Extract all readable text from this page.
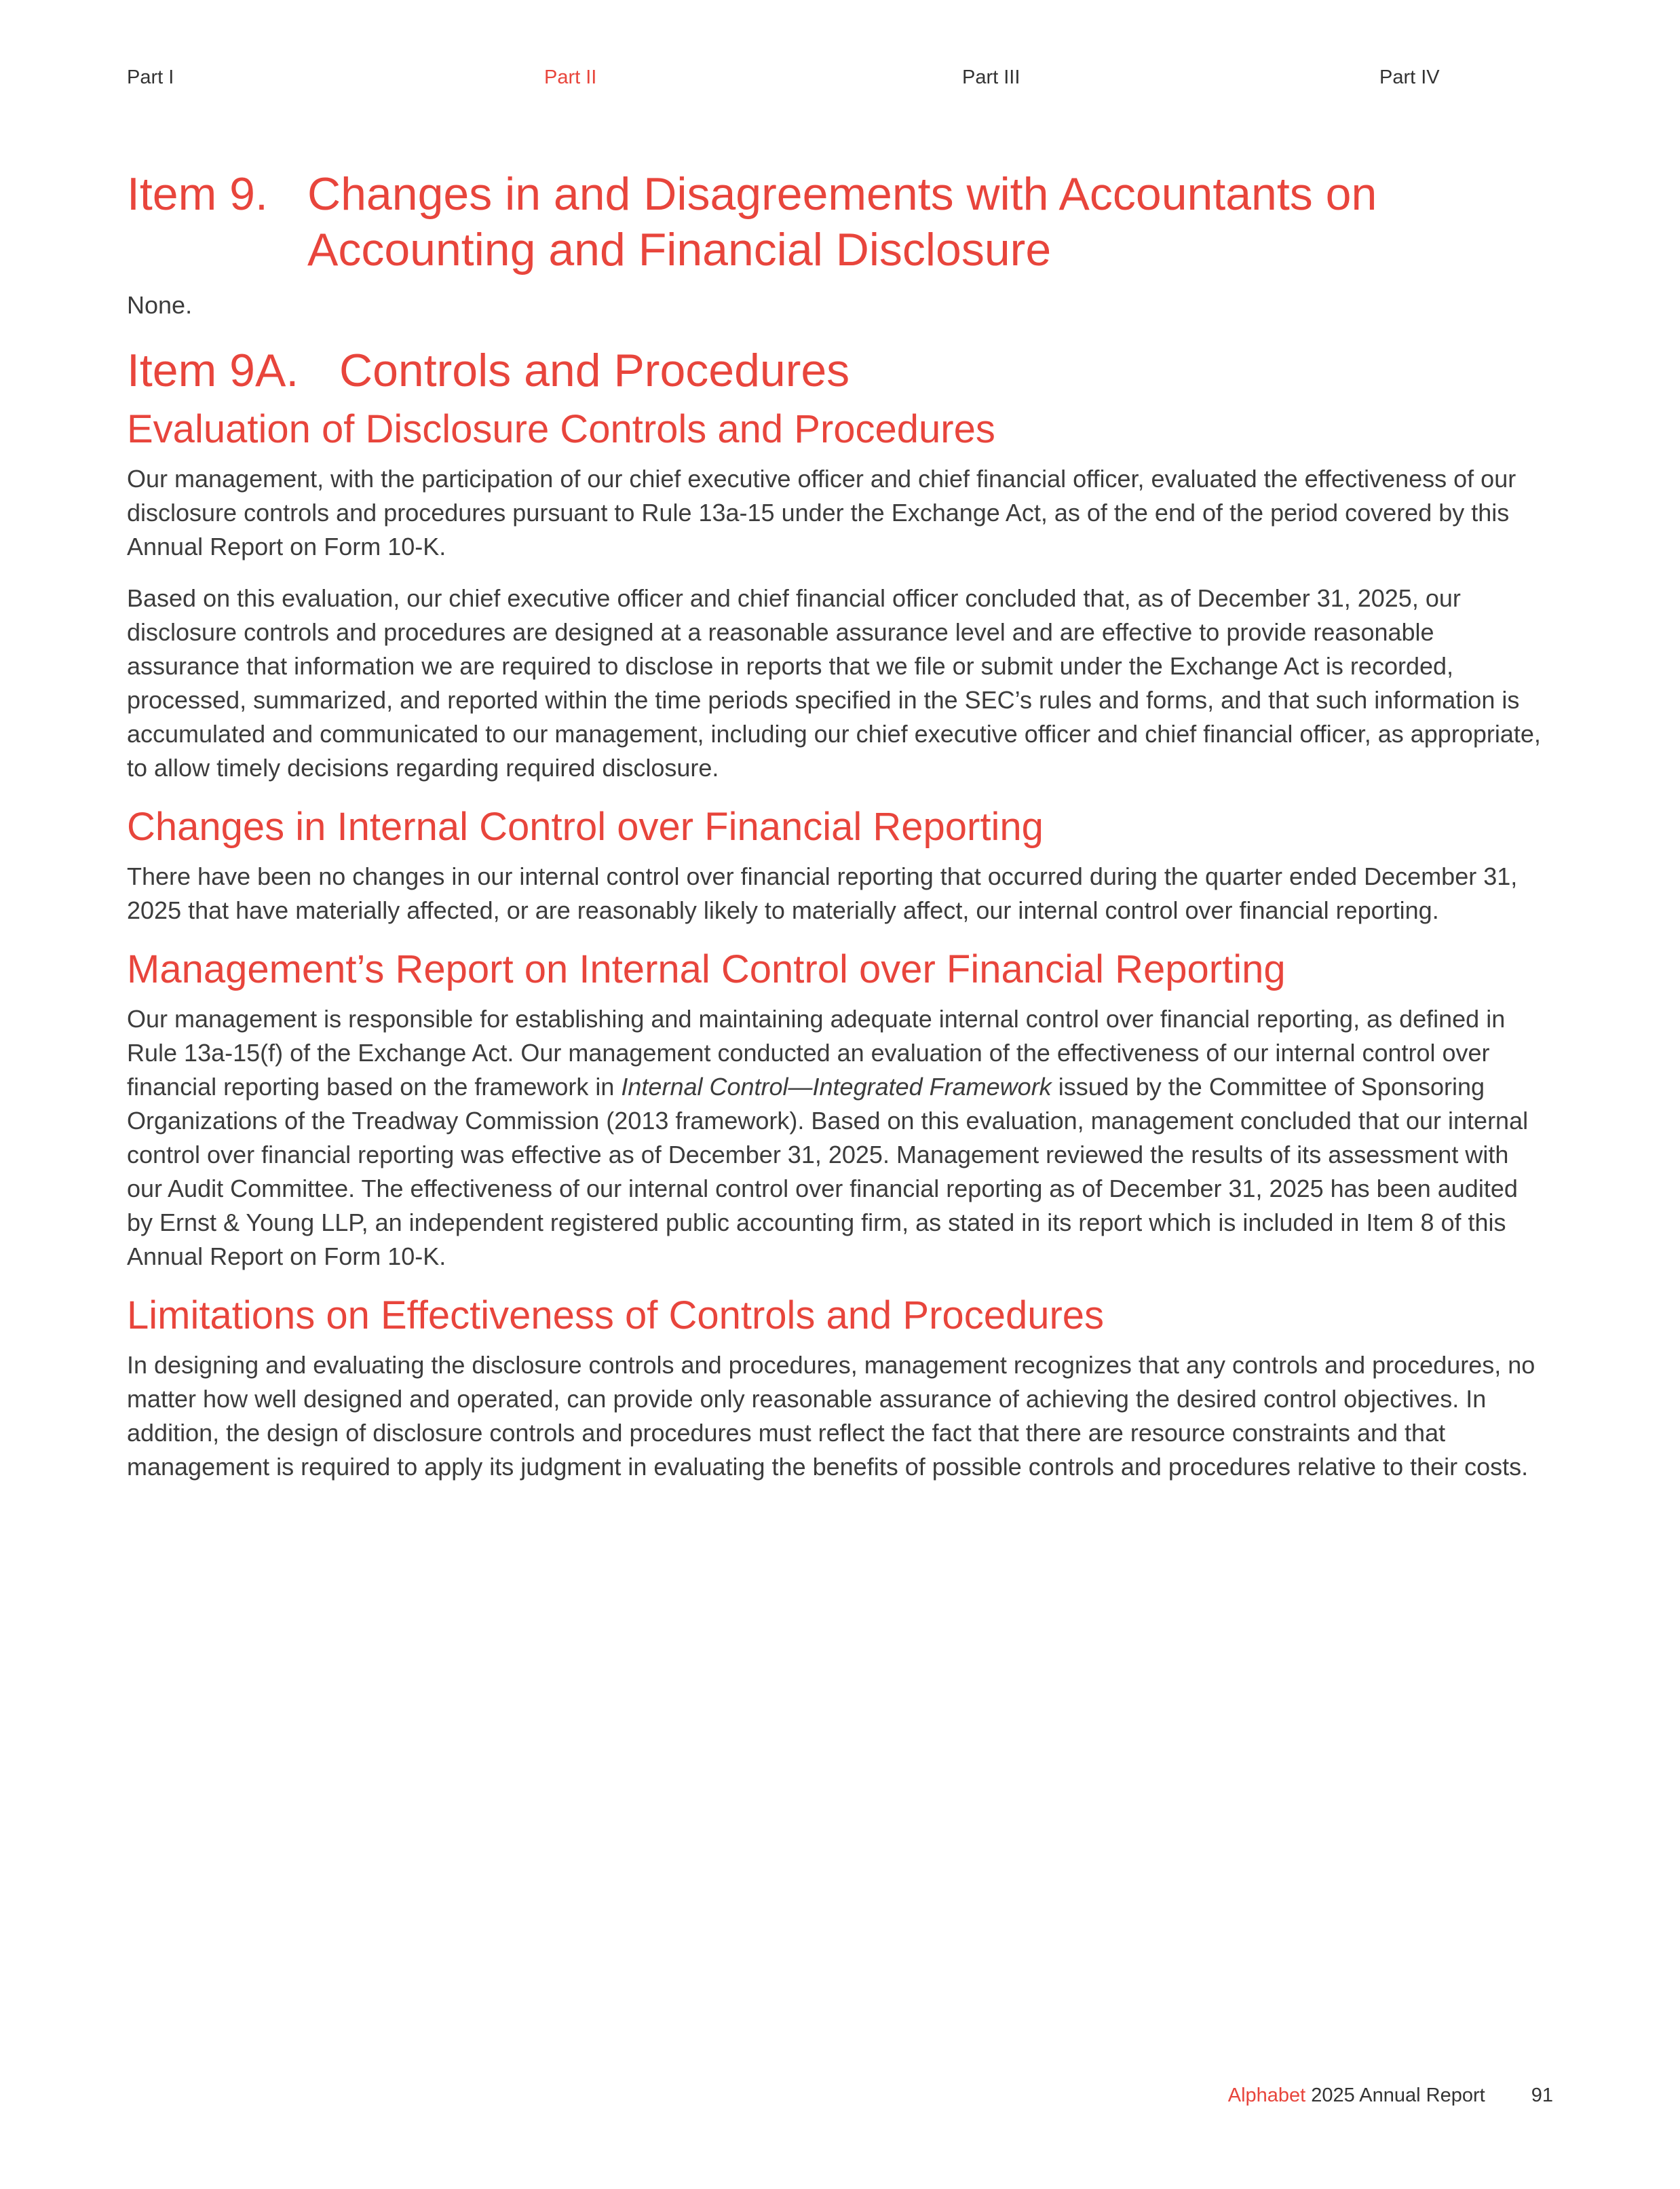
Part I	Part II	Part III	Part IV
Item 9. Changes in and Disagreements with Accountants on Accounting and Financial Disclosure

None.

Item 9A. Controls and Procedures
Evaluation of Disclosure Controls and Procedures

Our management, with the participation of our chief executive officer and chief financial officer, evaluated the effectiveness of our disclosure controls and procedures pursuant to Rule 13a-15 under the Exchange Act, as of the end of the period covered by this Annual Report on Form 10-K.

Based on this evaluation, our chief executive officer and chief financial officer concluded that, as of December 31, 2025, our disclosure controls and procedures are designed at a reasonable assurance level and are effective to provide reasonable assurance that information we are required to disclose in reports that we file or submit under the Exchange Act is recorded, processed, summarized, and reported within the time periods specified in the SEC’s rules and forms, and that such information is accumulated and communicated to our management, including our chief executive officer and chief financial officer, as appropriate, to allow timely decisions regarding required disclosure.

Changes in Internal Control over Financial Reporting

There have been no changes in our internal control over financial reporting that occurred during the quarter ended December 31, 2025 that have materially affected, or are reasonably likely to materially affect, our internal control over financial reporting.

Management’s Report on Internal Control over Financial Reporting

Our management is responsible for establishing and maintaining adequate internal control over financial reporting, as defined in Rule 13a-15(f) of the Exchange Act. Our management conducted an evaluation of the effectiveness of our internal control over financial reporting based on the framework in Internal Control—Integrated Framework issued by the Committee of Sponsoring Organizations of the Treadway Commission (2013 framework). Based on this evaluation, management concluded that our internal control over financial reporting was effective as of December 31, 2025. Management reviewed the results of its assessment with our Audit Committee. The effectiveness of our internal control over financial reporting as of December 31, 2025 has been audited by Ernst & Young LLP, an independent registered public accounting firm, as stated in its report which is included in Item 8 of this Annual Report on Form 10-K.

Limitations on Effectiveness of Controls and Procedures

In designing and evaluating the disclosure controls and procedures, management recognizes that any controls and procedures, no matter how well designed and operated, can provide only reasonable assurance of achieving the desired control objectives. In addition, the design of disclosure controls and procedures must reflect the fact that there are resource constraints and that management is required to apply its judgment in evaluating the benefits of possible controls and procedures relative to their costs.

Alphabet 2025 Annual Report 91
